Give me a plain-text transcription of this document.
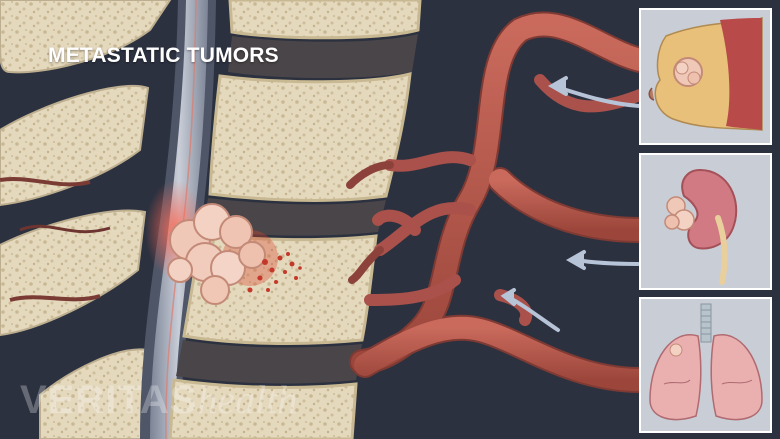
METASTATIC TUMORS
VERITAShealth
